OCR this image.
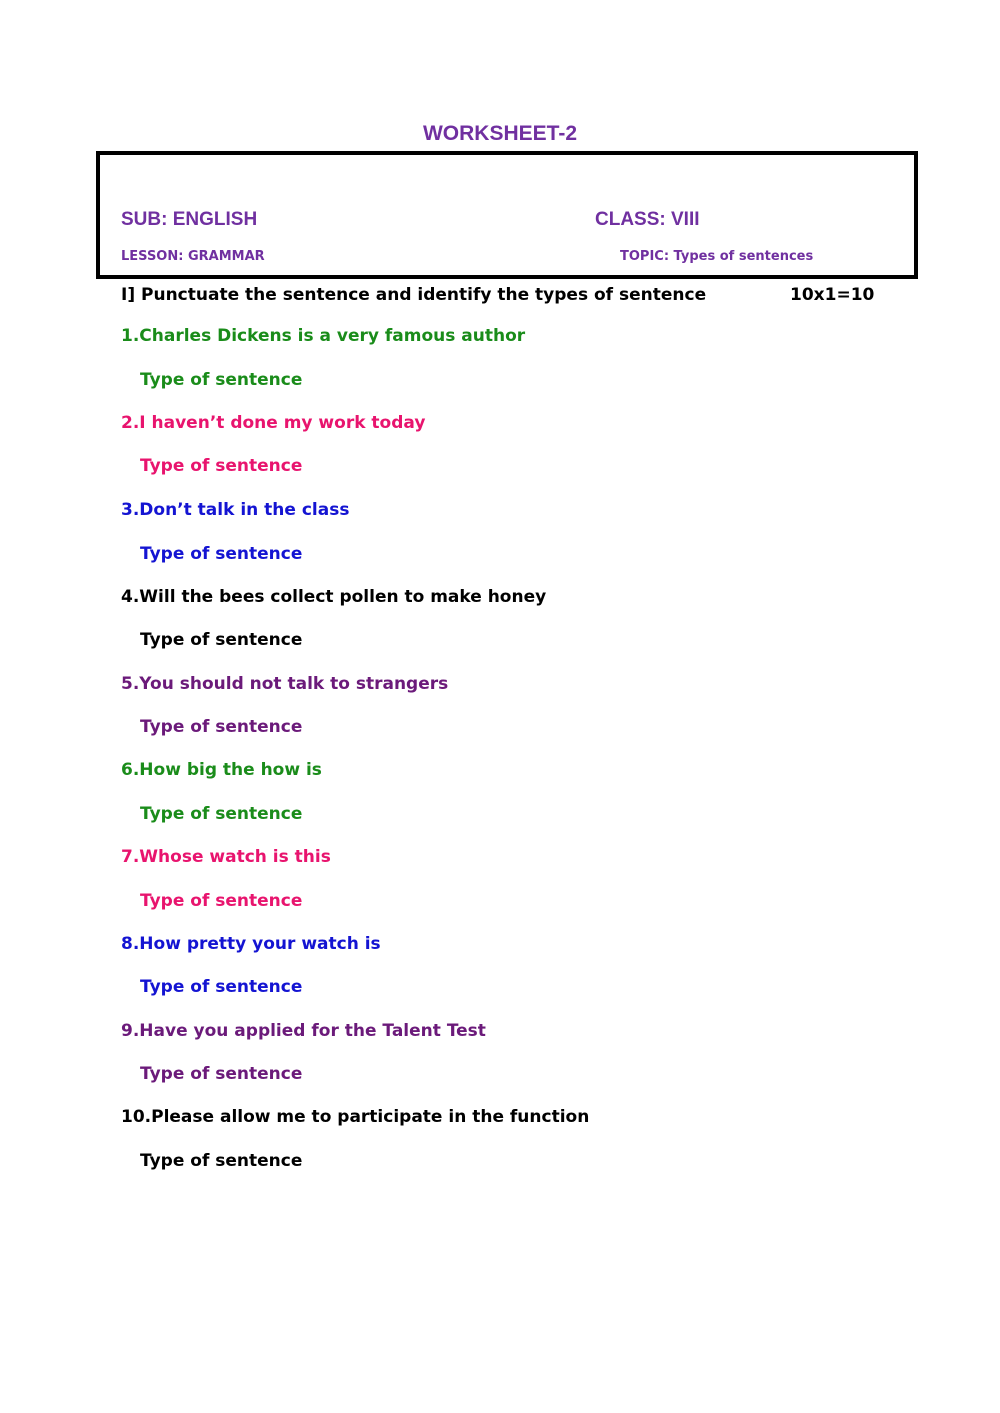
WORKSHEET-2
SUB: ENGLISH	CLASS: VIII
LESSON: GRAMMAR	TOPIC: Types of sentences
I] Punctuate the sentence and identify the types of sentence	10x1=10
1.Charles Dickens is a very famous author
Type of sentence
2.I haven’t done my work today
Type of sentence
3.Don’t talk in the class
Type of sentence
4.Will the bees collect pollen to make honey
Type of sentence
5.You should not talk to strangers
Type of sentence
6.How big the how is
Type of sentence
7.Whose watch is this
Type of sentence
8.How pretty your watch is
Type of sentence
9.Have you applied for the Talent Test
Type of sentence
10.Please allow me to participate in the function
Type of sentence
